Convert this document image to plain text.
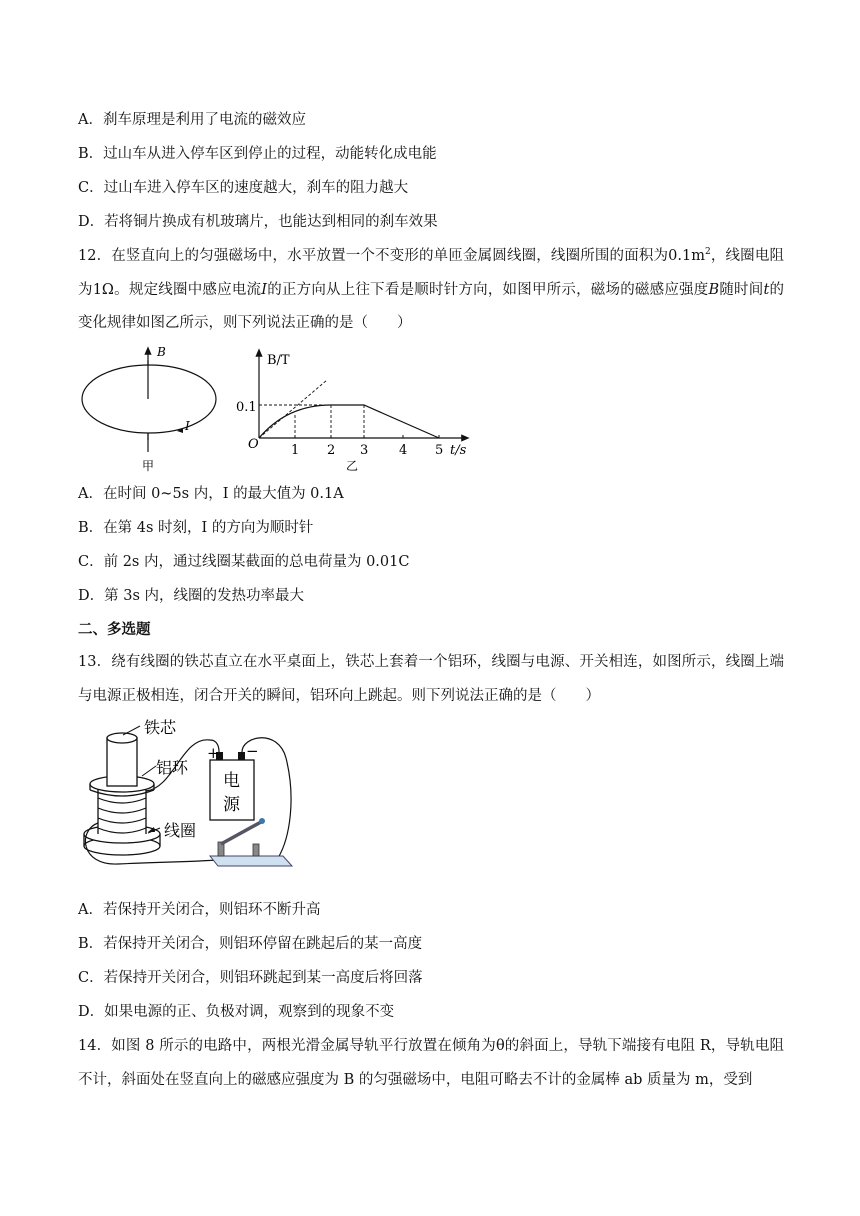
A．刹车原理是利用了电流的磁效应
B．过山车从进入停车区到停止的过程，动能转化成电能
C．过山车进入停车区的速度越大，刹车的阻力越大
D．若将铜片换成有机玻璃片，也能达到相同的刹车效果
12．在竖直向上的匀强磁场中，水平放置一个不变形的单匝金属圆线圈，线圈所围的面积为$0.1m^2$，线圈电阻为1Ω。规定线圈中感应电流I的正方向从上往下看是顺时针方向，如图甲所示，磁场的磁感应强度B随时间t的变化规律如图乙所示，则下列说法正确的是（　　）
B
I
甲
B/T
0.1
O 1 2 3 4 5 t/s
乙
A．在时间 0~5s 内，I 的最大值为 0.1A
B．在第 4s 时刻，I 的方向为顺时针
C．前 2s 内，通过线圈某截面的总电荷量为 0.01C
D．第 3s 内，线圈的发热功率最大
二、多选题
13．绕有线圈的铁芯直立在水平桌面上，铁芯上套着一个铝环，线圈与电源、开关相连，如图所示，线圈上端与电源正极相连，闭合开关的瞬间，铝环向上跳起。则下列说法正确的是（　　）
铁芯
铝环
线圈
+ −
电
源
A．若保持开关闭合，则铝环不断升高
B．若保持开关闭合，则铝环停留在跳起后的某一高度
C．若保持开关闭合，则铝环跳起到某一高度后将回落
D．如果电源的正、负极对调，观察到的现象不变
14．如图 8 所示的电路中，两根光滑金属导轨平行放置在倾角为θ的斜面上，导轨下端接有电阻 R，导轨电阻不计，斜面处在竖直向上的磁感应强度为 B 的匀强磁场中，电阻可略去不计的金属棒 ab 质量为 m，受到
